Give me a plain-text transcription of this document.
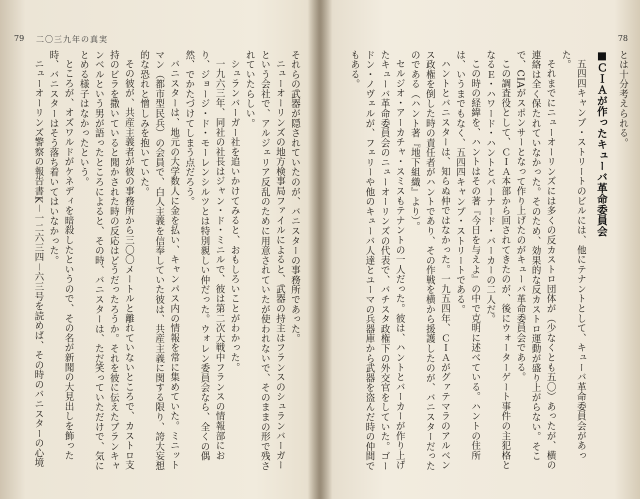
79 二〇三九年の真実

それらの武器が隠されていたのが、バニスターの事務所であった。

ニューオーリンズの地方検事局ファイルによると、武器の持主はフランスのシュランバーガーという会社で、アルジェリア反乱のために用意されていたが使われないで、そのままの形で残されていたらしい。

シュランバーガー社を追いかけてみると、おもしろいことがわかった。

一九六三年、同社の社長はジャン・ド・ミニルで、彼は第二次大戦中フランスの情報部におり、ジョージ・ド・モーレンシルツとは特別親しい仲だった。ウォレン委員会なら、全くの偶然、でかたづけてしまう点だろう。

バニスターは、地元の大学数人に金を払い、キャンパス内の情報を常に集めていた。ミニットマン（都市型民兵）の会員で、白人主義を信奉していた彼は、共産主義に関する限り、誇大妄想的な恐れと憎しみを抱いていた。

その彼が、共産主義者が彼の事務所から三〇〇メートルと離れていないところで、カストロ支持のビラを撒いていると聞かされた時の反応はどうだったろうか。それを彼に伝えたブランキャンベルという男が語ったところによると、その時、バニスターは、ただ笑っていただけで、気にとめる様子はなかったという。

ところが、オズワルドがケネディを暗殺したというので、その名が新聞の大見出しを飾った時、バニスターはそう落ち着いてはいなかった。

ニューオーリンズ警察の報告書K－一二六三四－六三号を読めば、その時のバニスターの心境

78

とは十分考えられる。

■ＣＩＡが作ったキューバ革命委員会

五四四キャンプ・ストリートのビルには、他にテナントとして、キューバ革命委員会があった。

それまでにニューオーリンズには多くの反カストロ団体が（少なくとも五〇）あったが、横の連絡は全く保たれていなかった。そのため、効果的な反カストロ運動が盛り上がらない。そこで、CIAがスポンサーとなって作り上げたのがキューバ革命委員会である。

この調査役として、ＣＩＡ本部から回されてきたのが、後にウォーターゲート事件の主犯格となるＥ・ハワード・ハントとバーナード・バーカーの二人だ。

この時の経緯を、ハントはその著『今日を与えよ』の中で克明に述べている。ハントの住所は、いうまでもなく、五四四キャンプ・ストリートである。

ハントとバニスターは、知らぬ仲ではなかった。一九五四年、ＣＩＡがグァテマラのアルベンス政権を倒した時の責任者がハントであり、その作戦を横から援護したのが、バニスターだったのである（ハント著『地下組織』より）。

セルジオ・アーカチャ・スミスもテナントの一人だった。彼は、ハントとバーカーが作り上げたキューバ革命委員会のニューオーリンズの代表で、バチスタ政権下の外交官をしていた。ゴードン・ノヴェルが、フェリーや他のキューバ人達とユーマの兵器庫から武器を盗んだ時の仲間でもある。
